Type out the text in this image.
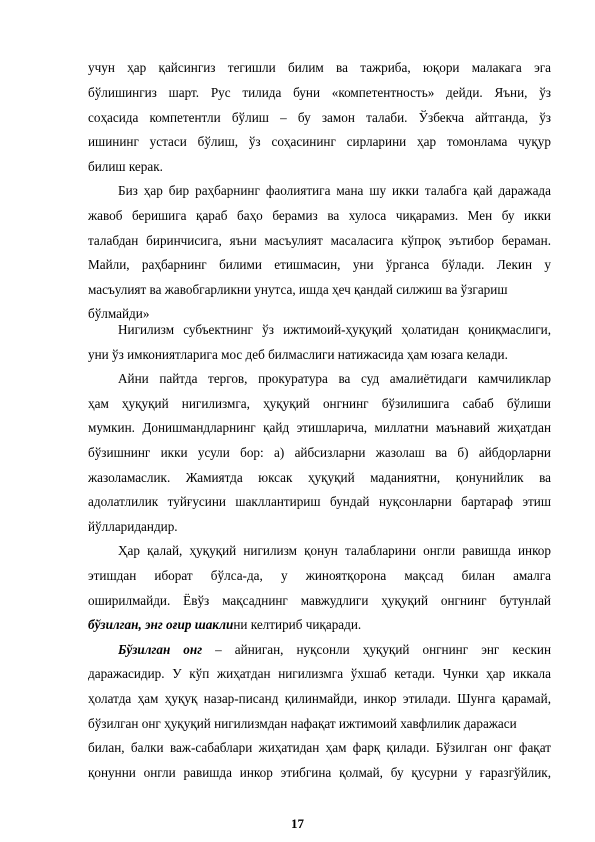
учун ҳар қайсингиз тегишли билим ва тажриба, юқори малакага эга
бўлишингиз шарт. Рус тилида буни «компетентность» дейди. Яъни, ўз
соҳасида компетентли бўлиш – бу замон талаби. Ўзбекча айтганда, ўз
ишининг устаси бўлиш, ўз соҳасининг сирларини ҳар томонлама чуқур
билиш керак.
Биз ҳар бир раҳбарнинг фаолиятига мана шу икки талабга қай даражада
жавоб беришига қараб баҳо берамиз ва хулоса чиқарамиз. Мен бу икки
талабдан биринчисига, яъни масъулият масаласига кўпроқ эътибор бераман.
Майли, раҳбарнинг билими етишмасин, уни ўрганса бўлади. Лекин у
масъулият ва жавобгарликни унутса, ишда ҳеч қандай силжиш ва ўзгариш
бўлмайди»
Нигилизм субъектнинг ўз ижтимоий-ҳуқуқий ҳолатидан қониқмаслиги,
уни ўз имкониятларига мос деб билмаслиги натижасида ҳам юзага келади.
Айни пайтда тергов, прокуратура ва суд амалиётидаги камчиликлар
ҳам ҳуқуқий нигилизмга, ҳуқуқий онгнинг бўзилишига сабаб бўлиши
мумкин. Донишмандларнинг қайд этишларича, миллатни маънавий жиҳатдан
бўзишнинг икки усули бор: а) айбсизларни жазолаш ва б) айбдорларни
жазоламаслик. Жамиятда юксак ҳуқуқий маданиятни, қонунийлик ва
адолатлилик туйғусини шакллантириш бундай нуқсонларни бартараф этиш
йўлларидандир.
Ҳар қалай, ҳуқуқий нигилизм қонун талабларини онгли равишда инкор
этишдан иборат бўлса-да, у жиноятқорона мақсад билан амалга
оширилмайди. Ёвўз мақсаднинг мавжудлиги ҳуқуқий онгнинг бутунлай
бўзилган, энг оғир шаклини келтириб чиқаради.
Бўзилган онг – айниган, нуқсонли ҳуқуқий онгнинг энг кескин
даражасидир. У кўп жиҳатдан нигилизмга ўхшаб кетади. Чунки ҳар иккала
ҳолатда ҳам ҳуқуқ назар-писанд қилинмайди, инкор этилади. Шунга қарамай,
бўзилган онг ҳуқуқий нигилизмдан нафақат ижтимоий хавфлилик даражаси
билан, балки важ-сабаблари жиҳатидан ҳам фарқ қилади. Бўзилган онг фақат
қонунни онгли равишда инкор этибгина қолмай, бу қусурни у ғаразгўйлик,
17
